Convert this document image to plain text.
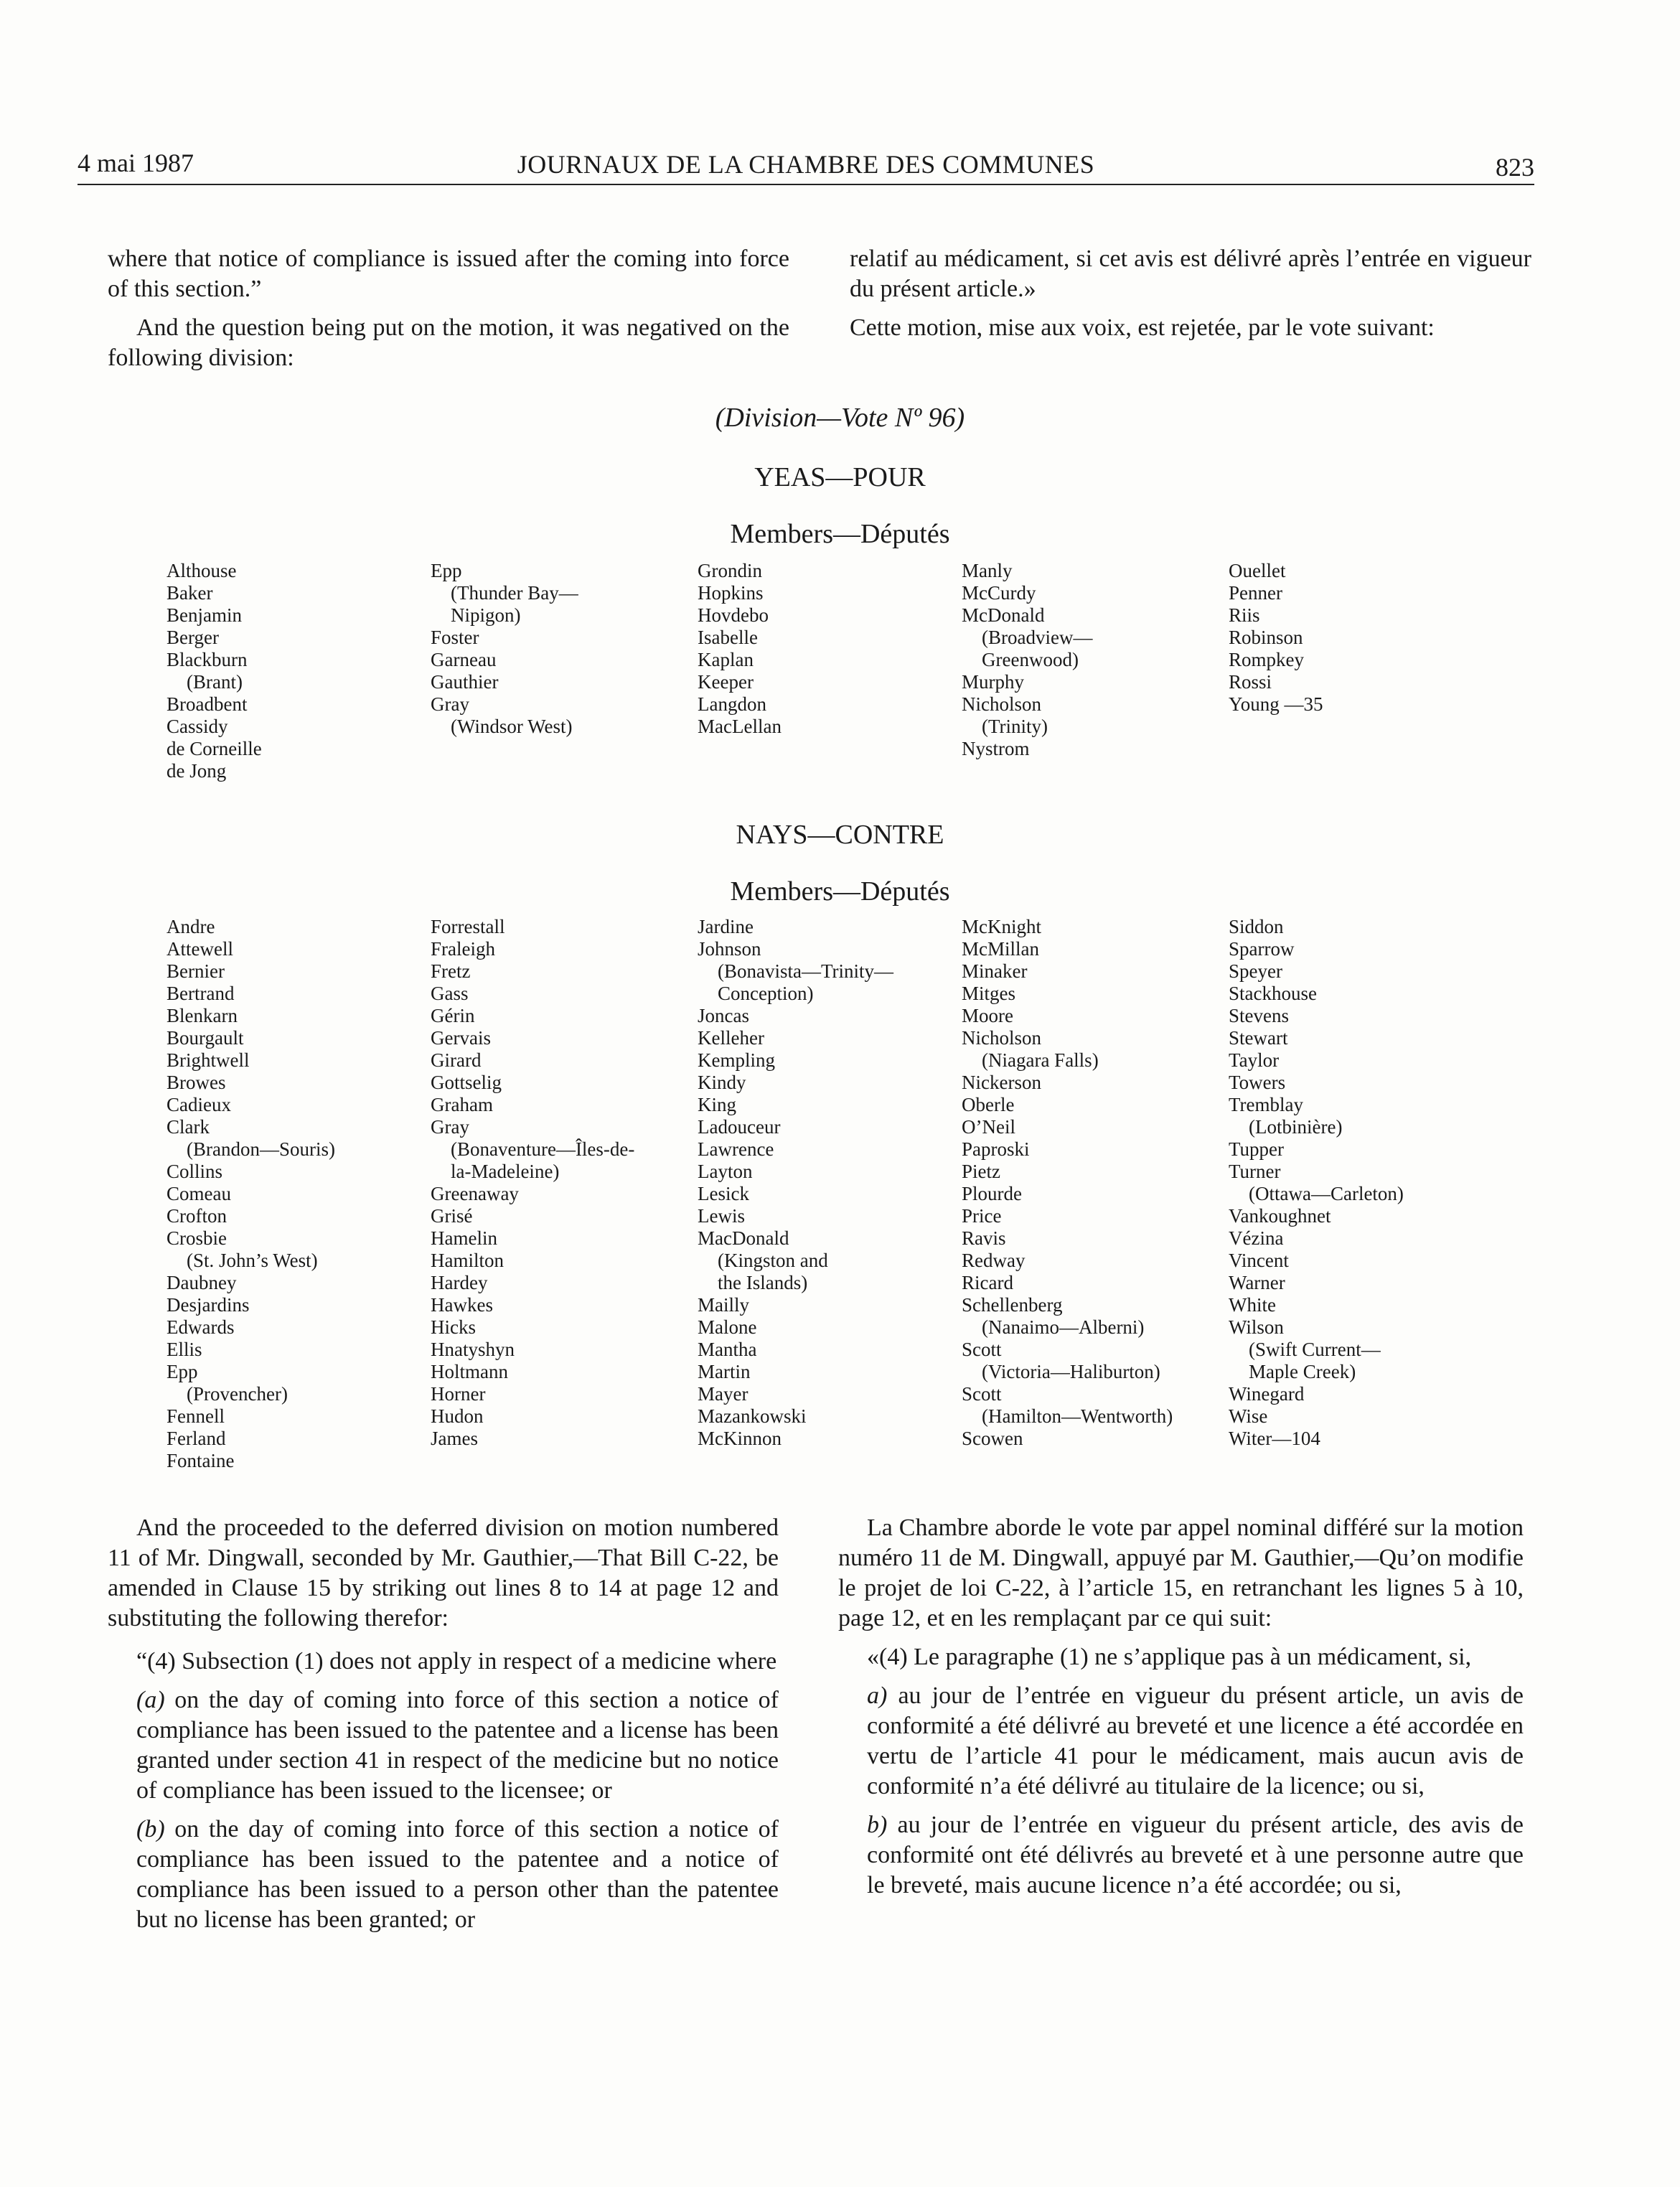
4 mai 1987	JOURNAUX DE LA CHAMBRE DES COMMUNES	823

where that notice of compliance is issued after the coming into force of this section.”

And the question being put on the motion, it was negatived on the following division:

relatif au médicament, si cet avis est délivré après l’entrée en vigueur du présent article.»

Cette motion, mise aux voix, est rejetée, par le vote suivant:

(Division—Vote Nº 96)
YEAS—POUR
Members—Députés
Althouse
Baker
Benjamin
Berger
Blackburn
(Brant)
Broadbent
Cassidy
de Corneille
de Jong
Epp
(Thunder Bay—
Nipigon)
Foster
Garneau
Gauthier
Gray
(Windsor West)
Grondin
Hopkins
Hovdebo
Isabelle
Kaplan
Keeper
Langdon
MacLellan
Manly
McCurdy
McDonald
(Broadview—
Greenwood)
Murphy
Nicholson
(Trinity)
Nystrom
Ouellet
Penner
Riis
Robinson
Rompkey
Rossi
Young —35
NAYS—CONTRE
Members—Députés
Andre
Attewell
Bernier
Bertrand
Blenkarn
Bourgault
Brightwell
Browes
Cadieux
Clark
(Brandon—Souris)
Collins
Comeau
Crofton
Crosbie
(St. John’s West)
Daubney
Desjardins
Edwards
Ellis
Epp
(Provencher)
Fennell
Ferland
Fontaine
Forrestall
Fraleigh
Fretz
Gass
Gérin
Gervais
Girard
Gottselig
Graham
Gray
(Bonaventure—Îles-de-
la-Madeleine)
Greenaway
Grisé
Hamelin
Hamilton
Hardey
Hawkes
Hicks
Hnatyshyn
Holtmann
Horner
Hudon
James
Jardine
Johnson
(Bonavista—Trinity—
Conception)
Joncas
Kelleher
Kempling
Kindy
King
Ladouceur
Lawrence
Layton
Lesick
Lewis
MacDonald
(Kingston and
the Islands)
Mailly
Malone
Mantha
Martin
Mayer
Mazankowski
McKinnon
McKnight
McMillan
Minaker
Mitges
Moore
Nicholson
(Niagara Falls)
Nickerson
Oberle
O’Neil
Paproski
Pietz
Plourde
Price
Ravis
Redway
Ricard
Schellenberg
(Nanaimo—Alberni)
Scott
(Victoria—Haliburton)
Scott
(Hamilton—Wentworth)
Scowen
Siddon
Sparrow
Speyer
Stackhouse
Stevens
Stewart
Taylor
Towers
Tremblay
(Lotbinière)
Tupper
Turner
(Ottawa—Carleton)
Vankoughnet
Vézina
Vincent
Warner
White
Wilson
(Swift Current—
Maple Creek)
Winegard
Wise
Witer—104

And the proceeded to the deferred division on motion numbered 11 of Mr. Dingwall, seconded by Mr. Gauthier,—That Bill C-22, be amended in Clause 15 by striking out lines 8 to 14 at page 12 and substituting the following therefor:

“(4) Subsection (1) does not apply in respect of a medicine where

(a) on the day of coming into force of this section a notice of compliance has been issued to the patentee and a license has been granted under section 41 in respect of the medicine but no notice of compliance has been issued to the licensee; or

(b) on the day of coming into force of this section a notice of compliance has been issued to the patentee and a notice of compliance has been issued to a person other than the patentee but no license has been granted; or

La Chambre aborde le vote par appel nominal différé sur la motion numéro 11 de M. Dingwall, appuyé par M. Gauthier,—Qu’on modifie le projet de loi C-22, à l’article 15, en retranchant les lignes 5 à 10, page 12, et en les remplaçant par ce qui suit:

«(4) Le paragraphe (1) ne s’applique pas à un médicament, si,

a) au jour de l’entrée en vigueur du présent article, un avis de conformité a été délivré au breveté et une licence a été accordée en vertu de l’article 41 pour le médicament, mais aucun avis de conformité n’a été délivré au titulaire de la licence; ou si,

b) au jour de l’entrée en vigueur du présent article, des avis de conformité ont été délivrés au breveté et à une personne autre que le breveté, mais aucune licence n’a été accordée; ou si,
